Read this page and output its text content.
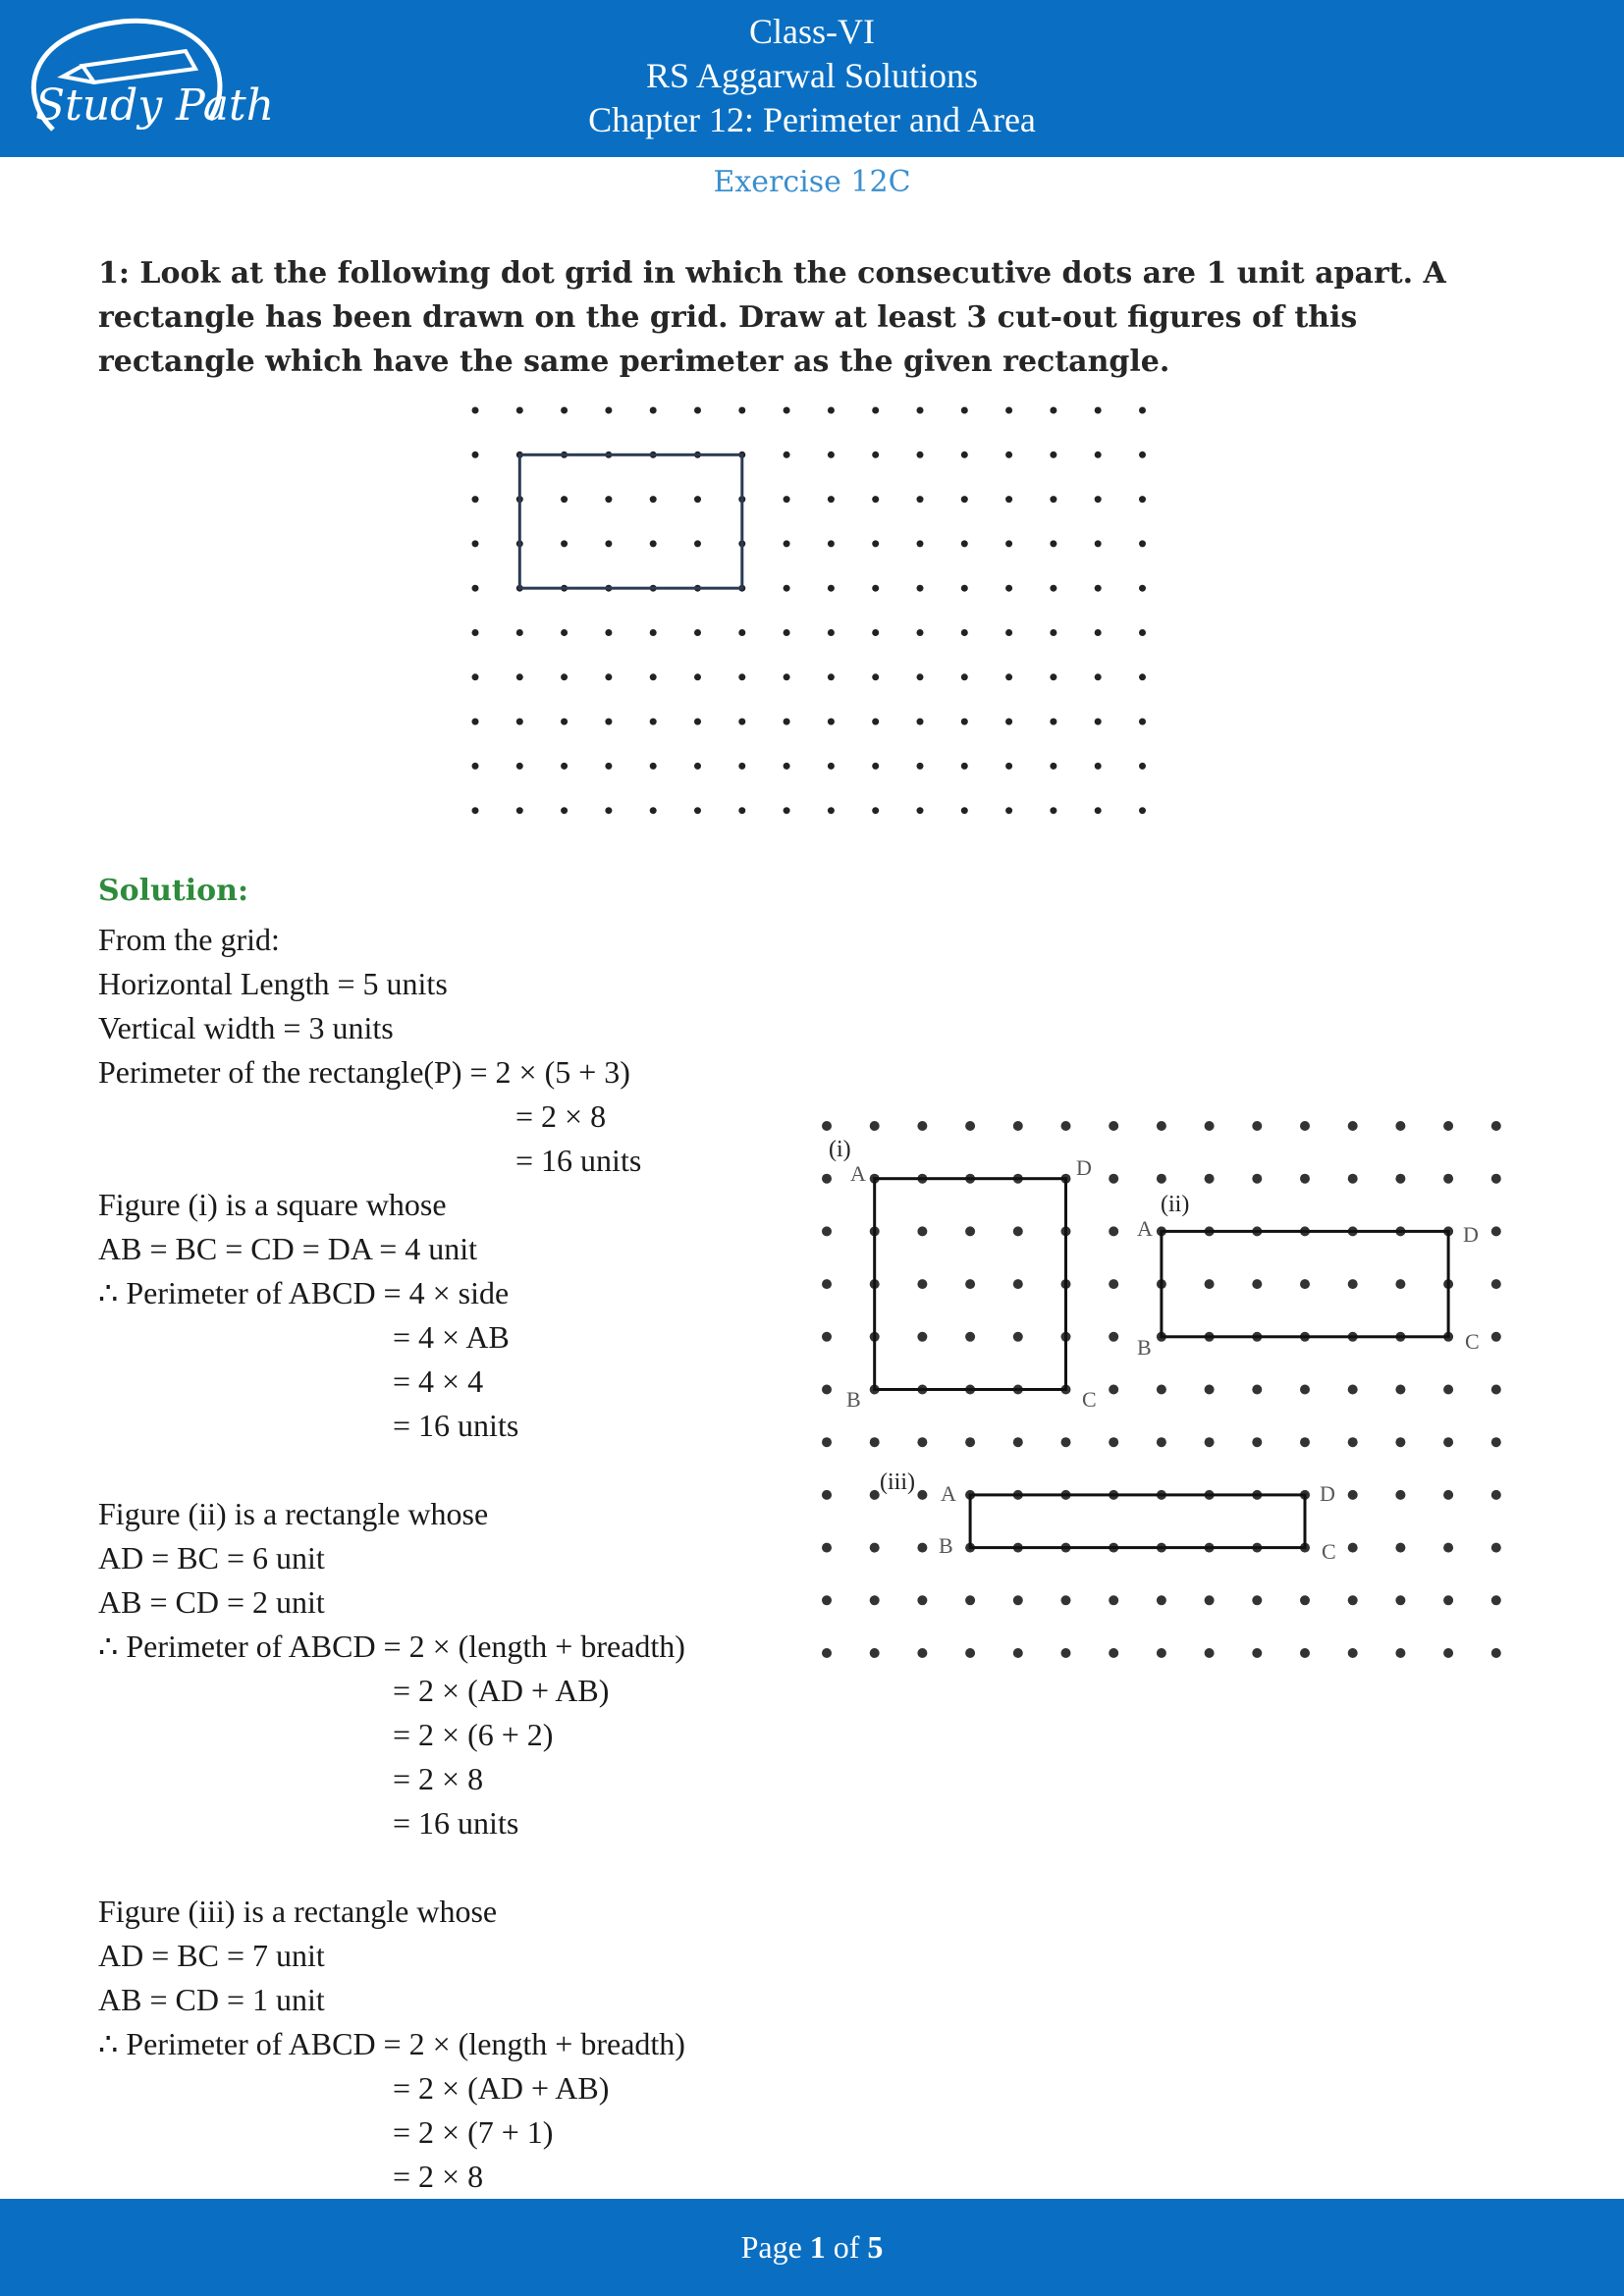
Study Path
Class-VI
RS Aggarwal Solutions
Chapter 12: Perimeter and Area
Exercise 12C
1: Look at the following dot grid in which the consecutive dots are 1 unit apart. A rectangle has been drawn on the grid. Draw at least 3 cut-out figures of this rectangle which have the same perimeter as the given rectangle.
Solution:
From the grid:
Horizontal Length = 5 units
Vertical width = 3 units
Perimeter of the rectangle(P) = 2 × (5 + 3)
= 2 × 8
= 16 units
Figure (i) is a square whose
AB = BC = CD = DA = 4 unit
∴ Perimeter of ABCD = 4 × side
= 4 × AB
= 4 × 4
= 16 units
Figure (ii) is a rectangle whose
AD = BC = 6 unit
AB = CD = 2 unit
∴ Perimeter of ABCD = 2 × (length + breadth)
= 2 × (AD + AB)
= 2 × (6 + 2)
= 2 × 8
= 16 units
Figure (iii) is a rectangle whose
AD = BC = 7 unit
AB = CD = 1 unit
∴ Perimeter of ABCD = 2 × (length + breadth)
= 2 × (AD + AB)
= 2 × (7 + 1)
= 2 × 8
(i)
A	D
B	C
(ii)
A	D
B	C
(iii) A	D
B	C
Page 1 of 5
